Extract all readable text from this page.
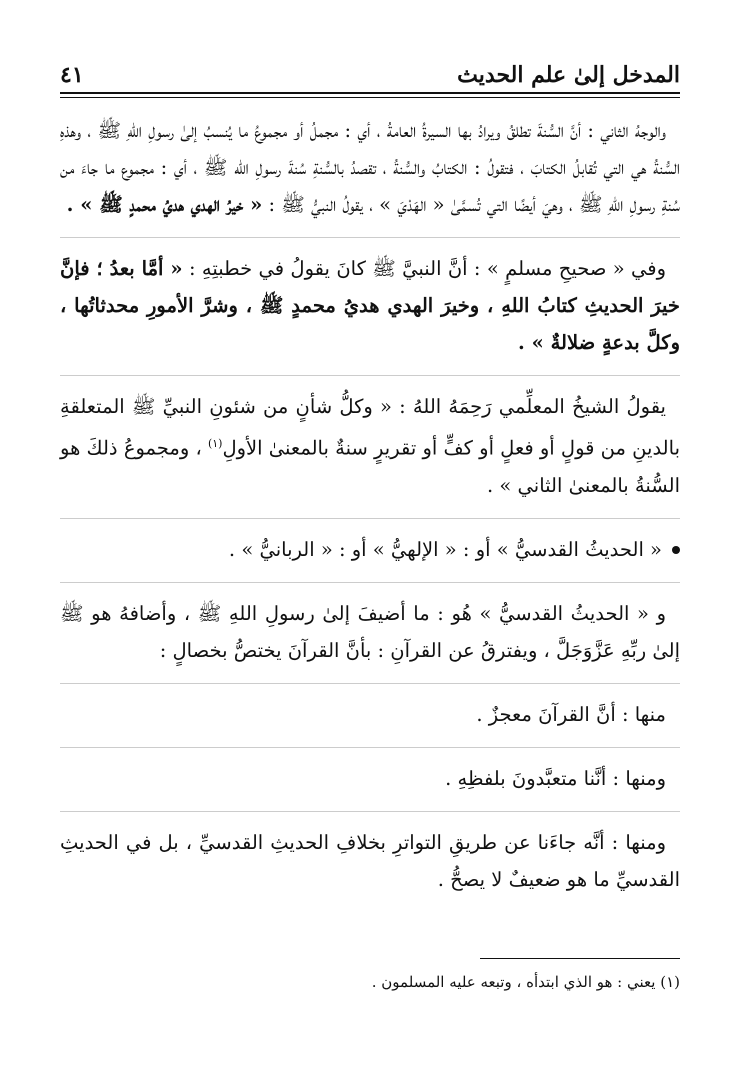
المدخل إلىٰ علم الحديث
٤١

والوجهُ الثاني : أنَّ السُّنةَ تطلقُ ويرادُ بها السيرةُ العامةُ ، أي : مجملُ أو مجموعُ ما يُنسبُ إلىٰ رسولِ اللهِ ﷺ ، وهذهِ السُّنةُ هي التي تُقابلُ الكتابَ ، فتقولُ : الكتابُ والسُّنةُ ، تقصدُ بالسُّنةِ سُنةَ رسولِ الله ﷺ ، أي : مجموع ما جاءَ من سُنةِ رسولِ اللهِ ﷺ ، وهيَ أيضًا التي تُسمَّىٰ « الهَدْيَ » ، يقولُ النبيُّ ﷺ : « خيرُ الهدي هديُ محمدٍ ﷺ » .

وفي « صحيحِ مسلمٍ » : أنَّ النبيَّ ﷺ كانَ يقولُ في خطبتِهِ : « أمَّا بعدُ ؛ فإنَّ خيرَ الحديثِ كتابُ اللهِ ، وخيرَ الهدي هديُ محمدٍ ﷺ ، وشرَّ الأمورِ محدثاتُها ، وكلَّ بدعةٍ ضلالةٌ » .

يقولُ الشيخُ المعلِّمي رَحِمَهُ اللهُ : « وكلُّ شأنٍ من شئونِ النبيِّ ﷺ المتعلقةِ بالدينِ من قولٍ أو فعلٍ أو كفٍّ أو تقريرٍ سنةٌ بالمعنىٰ الأولِ$^{(١)}$ ، ومجموعُ ذلكَ هو السُّنةُ بالمعنىٰ الثاني » .

« الحديثُ القدسيُّ » أو : « الإلهيُّ » أو : « الربانيُّ » .

و « الحديثُ القدسيُّ » هُو : ما أضيفَ إلىٰ رسولِ اللهِ ﷺ ، وأضافهُ هو ﷺ إلىٰ ربِّهِ عَزَّوَجَلَّ ، ويفترقُ عن القرآنِ : بأنَّ القرآنَ يختصُّ بخصالٍ :

منها : أنَّ القرآنَ معجزٌ .

ومنها : أنَّنا متعبَّدونَ بلفظِهِ .

ومنها : أنَّه جاءَنا عن طريقِ التواترِ بخلافِ الحديثِ القدسيِّ ، بل في الحديثِ القدسيِّ ما هو ضعيفٌ لا يصحُّ .

(١) يعني : هو الذي ابتدأه ، وتبعه عليه المسلمون .
